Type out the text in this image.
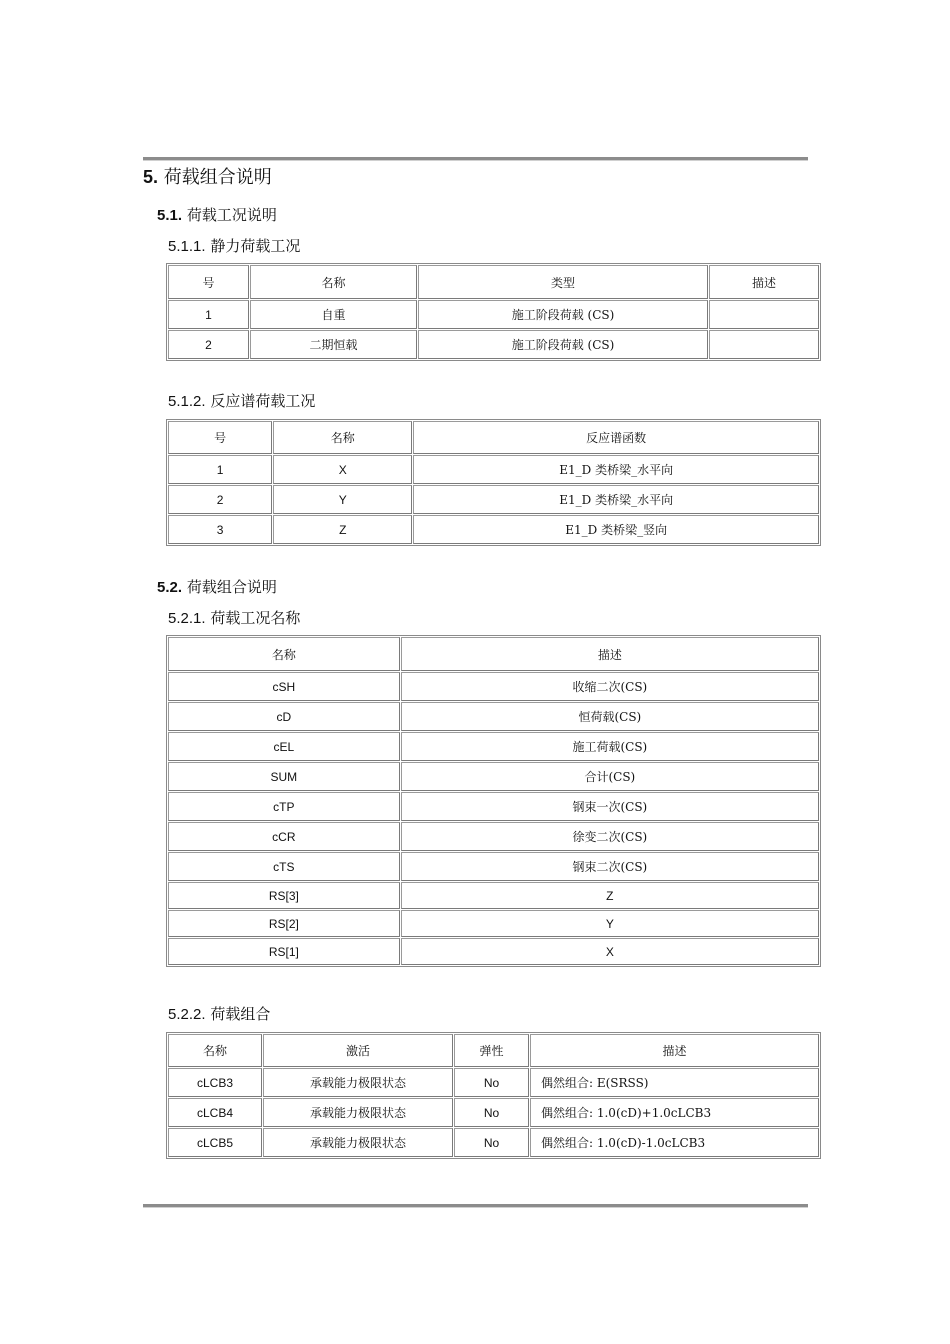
5. 荷载组合说明
5.1. 荷载工况说明
5.1.1. 静力荷载工况
号	名称	类型	描述
1	自重	施工阶段荷载 (CS)	
2	二期恒载	施工阶段荷载 (CS)	
5.1.2. 反应谱荷载工况
号	名称	反应谱函数
1	X	E1_D 类桥梁_水平向
2	Y	E1_D 类桥梁_水平向
3	Z	E1_D 类桥梁_竖向
5.2. 荷载组合说明
5.2.1. 荷载工况名称
名称	描述
cSH	收缩二次(CS)
cD	恒荷载(CS)
cEL	施工荷载(CS)
SUM	合计(CS)
cTP	钢束一次(CS)
cCR	徐变二次(CS)
cTS	钢束二次(CS)
RS[3]	Z
RS[2]	Y
RS[1]	X
5.2.2. 荷载组合
名称	激活	弹性	描述
cLCB3	承载能力极限状态	No	偶然组合: E(SRSS)
cLCB4	承载能力极限状态	No	偶然组合: 1.0(cD)+1.0cLCB3
cLCB5	承载能力极限状态	No	偶然组合: 1.0(cD)-1.0cLCB3
